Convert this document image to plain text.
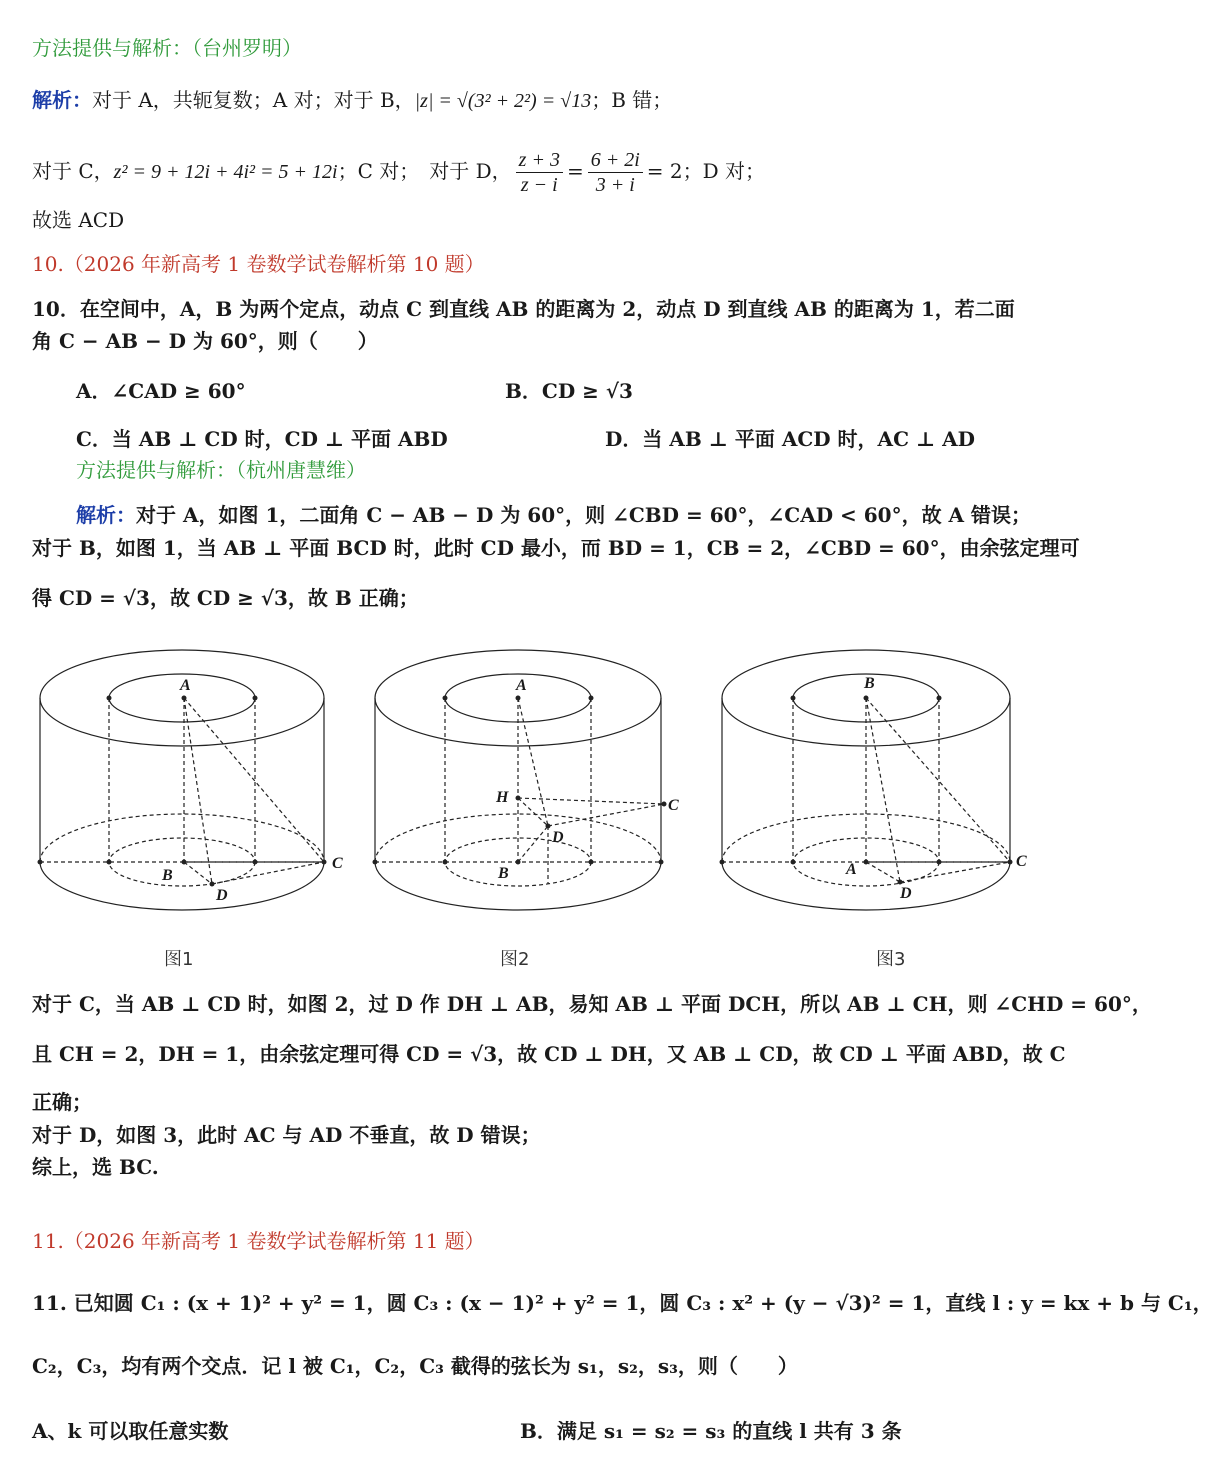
方法提供与解析：（台州罗明）
解析：对于 A，共轭复数；A 对；对于 B，|z| = √(3² + 2²) = √13；B 错；
对于 C，z² = 9 + 12i + 4i² = 5 + 12i；C 对；　对于 D， $\frac{z + 3}{z - i} = \frac{6 + 2i}{3 + i} = 2$；D 对；
故选 ACD
10.（2026 年新高考 1 卷数学试卷解析第 10 题）
10．在空间中，A，B 为两个定点，动点 C 到直线 AB 的距离为 2，动点 D 到直线 AB 的距离为 1，若二面
角 C − AB − D 为 60°，则（　　）
A．∠CAD ≥ 60°	B．CD ≥ √3
C．当 AB ⊥ CD 时，CD ⊥ 平面 ABD	D．当 AB ⊥ 平面 ACD 时，AC ⊥ AD
方法提供与解析：（杭州唐慧维）
解析：对于 A，如图 1，二面角 C − AB − D 为 60°，则 ∠CBD = 60°，∠CAD < 60°，故 A 错误；
对于 B，如图 1，当 AB ⊥ 平面 BCD 时，此时 CD 最小，而 BD = 1，CB = 2，∠CBD = 60°，由余弦定理可
得 CD = √3，故 CD ≥ √3，故 B 正确；
A
B
C
D
A
B
C
D
H
B
A	C
D
图1	图2	图3
对于 C，当 AB ⊥ CD 时，如图 2，过 D 作 DH ⊥ AB，易知 AB ⊥ 平面 DCH，所以 AB ⊥ CH，则 ∠CHD = 60°，
且 CH = 2，DH = 1，由余弦定理可得 CD = √3，故 CD ⊥ DH，又 AB ⊥ CD，故 CD ⊥ 平面 ABD，故 C
正确；
对于 D，如图 3，此时 AC 与 AD 不垂直，故 D 错误；
综上，选 BC.
11.（2026 年新高考 1 卷数学试卷解析第 11 题）
11. 已知圆 C₁ : (x + 1)² + y² = 1，圆 C₃ : (x − 1)² + y² = 1，圆 C₃ : x² + (y − √3)² = 1，直线 l : y = kx + b 与 C₁，
C₂，C₃，均有两个交点．记 l 被 C₁，C₂，C₃ 截得的弦长为 s₁，s₂，s₃，则（　　）
A、k 可以取任意实数	B．满足 s₁ = s₂ = s₃ 的直线 l 共有 3 条
